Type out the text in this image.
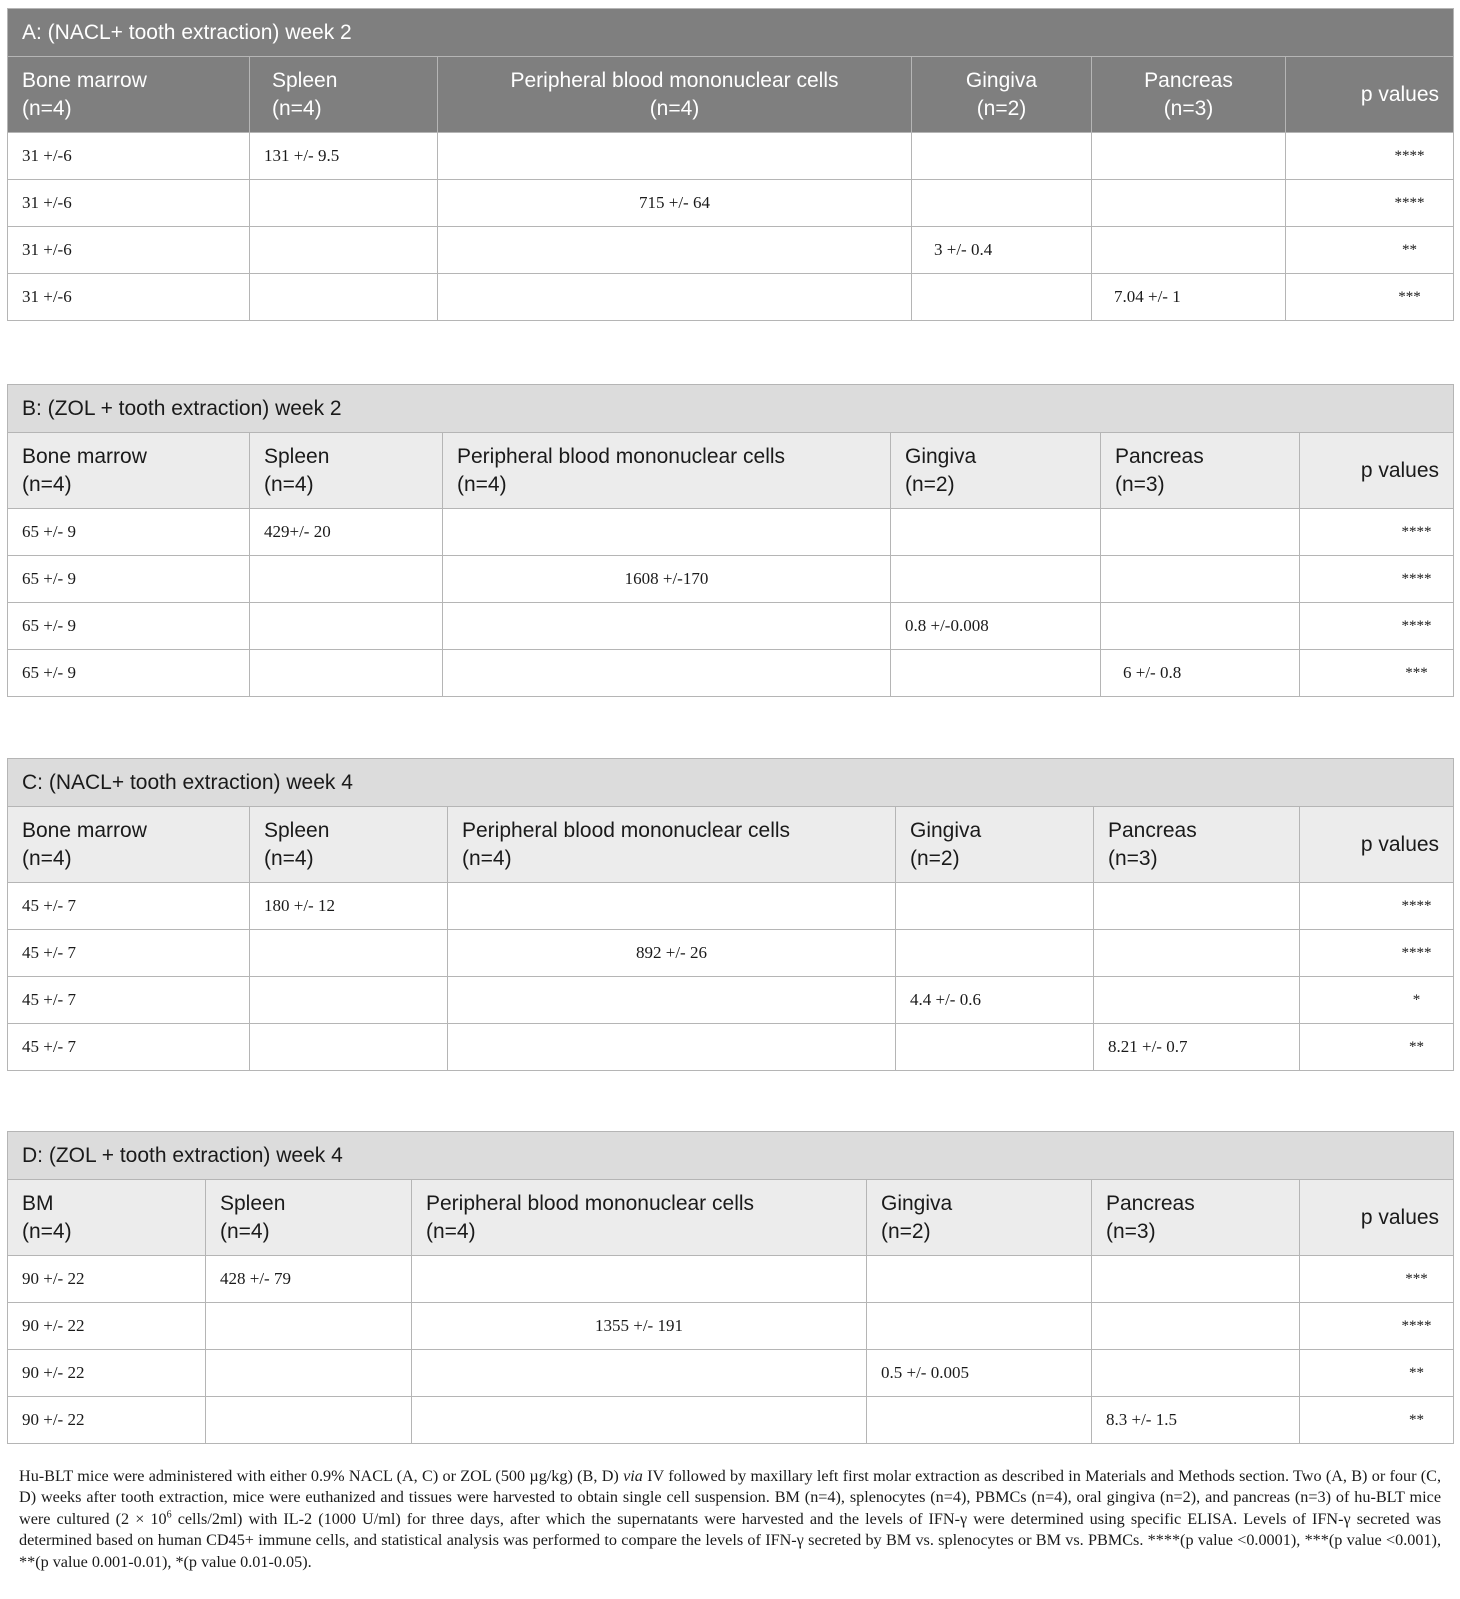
A: (NACL+ tooth extraction) week 2					
Bone marrow
(n=4)	Spleen
(n=4)	Peripheral blood mononuclear cells
(n=4)	Gingiva
(n=2)	Pancreas
(n=3)	p values

31 +/-6	131 +/- 9.5				****
31 +/-6		715 +/- 64			****
31 +/-6			3 +/- 0.4		**
31 +/-6				7.04 +/- 1	***
B: (ZOL + tooth extraction) week 2					
Bone marrow
(n=4)	Spleen
(n=4)	Peripheral blood mononuclear cells
(n=4)	Gingiva
(n=2)	Pancreas
(n=3)	p values

65 +/- 9	429+/- 20				****
65 +/- 9		1608 +/-170			****
65 +/- 9			0.8 +/-0.008		****
65 +/- 9				6 +/- 0.8	***
C: (NACL+ tooth extraction) week 4					
Bone marrow
(n=4)	Spleen
(n=4)	Peripheral blood mononuclear cells
(n=4)	Gingiva
(n=2)	Pancreas
(n=3)	p values

45 +/- 7	180 +/- 12				****
45 +/- 7		892 +/- 26			****
45 +/- 7			4.4 +/- 0.6		*
45 +/- 7				8.21 +/- 0.7	**
D: (ZOL + tooth extraction) week 4					
BM
(n=4)	Spleen
(n=4)	Peripheral blood mononuclear cells
(n=4)	Gingiva
(n=2)	Pancreas
(n=3)	p values

90 +/- 22	428 +/- 79				***
90 +/- 22		1355 +/- 191			****
90 +/- 22			0.5 +/- 0.005		**
90 +/- 22				8.3 +/- 1.5	**

Hu-BLT mice were administered with either 0.9% NACL (A, C) or ZOL (500 µg/kg) (B, D) via IV followed by maxillary left first molar extraction as described in Materials and Methods section. Two (A, B) or four (C, D) weeks after tooth extraction, mice were euthanized and tissues were harvested to obtain single cell suspension. BM (n=4), splenocytes (n=4), PBMCs (n=4), oral gingiva (n=2), and pancreas (n=3) of hu-BLT mice were cultured ($2 \times 10^6$ cells/2ml) with IL-2 (1000 U/ml) for three days, after which the supernatants were harvested and the levels of IFN-γ were determined using specific ELISA. Levels of IFN-γ secreted was determined based on human CD45+ immune cells, and statistical analysis was performed to compare the levels of IFN-γ secreted by BM vs. splenocytes or BM vs. PBMCs. ****(p value <0.0001), ***(p value <0.001), **(p value 0.001-0.01), *(p value 0.01-0.05).
